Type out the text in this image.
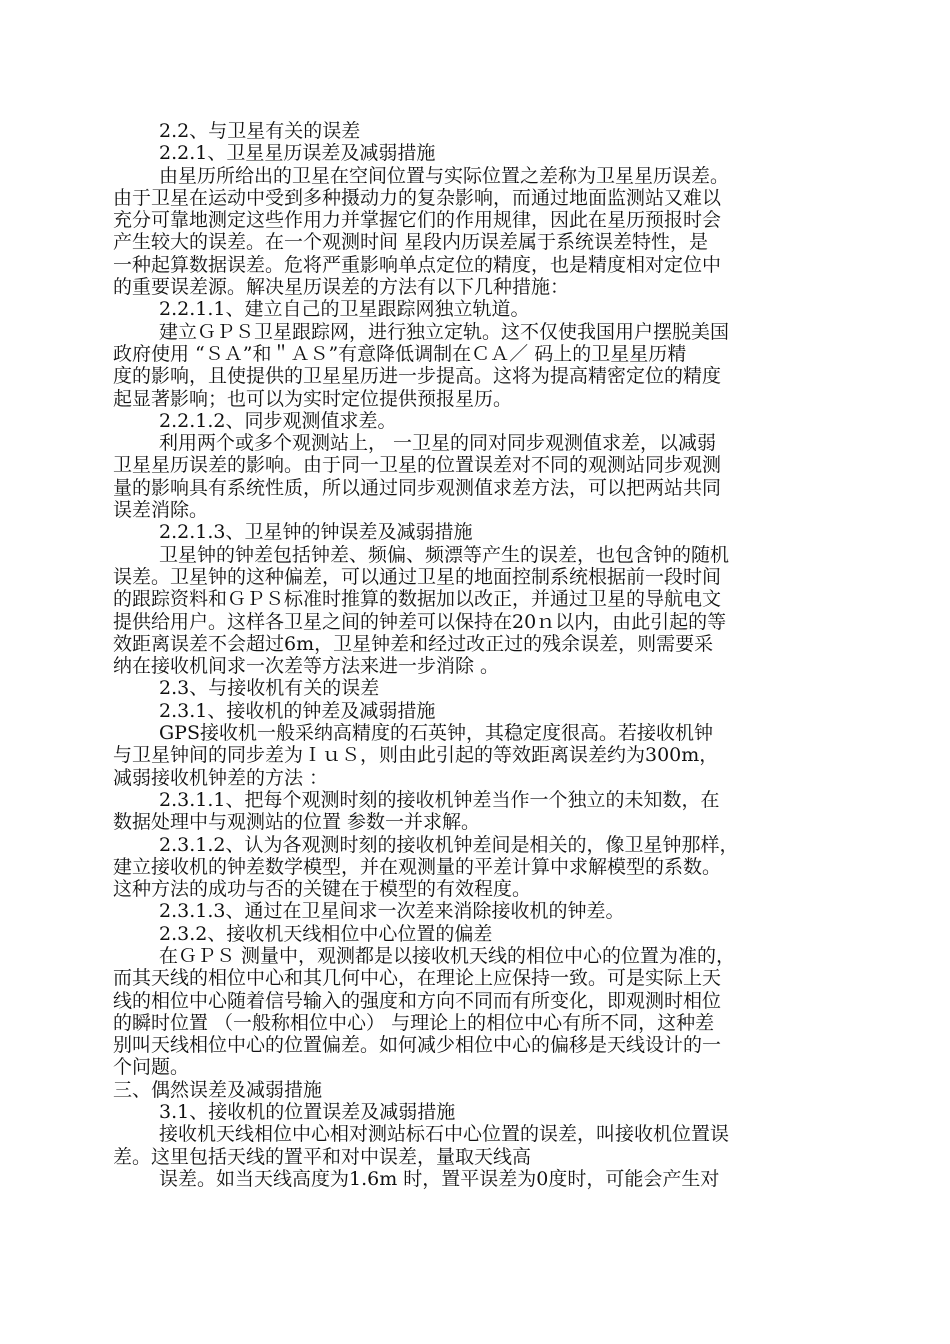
2.2、与卫星有关的误差
2.2.1、卫星星历误差及减弱措施
由星历所给出的卫星在空间位置与实际位置之差称为卫星星历误差。
由于卫星在运动中受到多种摄动力的复杂影响，而通过地面监测站又难以
充分可靠地测定这些作用力并掌握它们的作用规律，因此在星历预报时会
产生较大的误差。在一个观测时间 星段内历误差属于系统误差特性，是
一种起算数据误差。危将严重影响单点定位的精度，也是精度相对定位中
的重要误差源。解决星历误差的方法有以下几种措施：
2.2.1.1、建立自己的卫星跟踪网独立轨道。
建立ＧＰＳ卫星跟踪网，进行独立定轨。这不仅使我国用户摆脱美国
政府使用 “ＳＡ”和＂ＡＳ”有意降低调制在ＣＡ／ 码上的卫星星历精
度的影响，且使提供的卫星星历进一步提高。这将为提高精密定位的精度
起显著影响；也可以为实时定位提供预报星历。
2.2.1.2、同步观测值求差。
利用两个或多个观测站上， 一卫星的同对同步观测值求差，以减弱
卫星星历误差的影响。由于同一卫星的位置误差对不同的观测站同步观测
量的影响具有系统性质，所以通过同步观测值求差方法，可以把两站共同
误差消除。
2.2.1.3、卫星钟的钟误差及减弱措施
卫星钟的钟差包括钟差、频偏、频漂等产生的误差，也包含钟的随机
误差。卫星钟的这种偏差，可以通过卫星的地面控制系统根据前一段时间
的跟踪资料和ＧＰＳ标准时推算的数据加以改正，并通过卫星的导航电文
提供给用户。这样各卫星之间的钟差可以保持在20ｎ以内，由此引起的等
效距离误差不会超过6m，卫星钟差和经过改正过的残余误差，则需要采
纳在接收机间求一次差等方法来进一步消除 。
2.3、与接收机有关的误差
2.3.1、接收机的钟差及减弱措施
GPS接收机一般采纳高精度的石英钟，其稳定度很高。若接收机钟
与卫星钟间的同步差为ＩｕＳ，则由此引起的等效距离误差约为300m，
减弱接收机钟差的方法 ：
2.3.1.1、把每个观测时刻的接收机钟差当作一个独立的未知数，在
数据处理中与观测站的位置 参数一并求解。
2.3.1.2、认为各观测时刻的接收机钟差间是相关的，像卫星钟那样，
建立接收机的钟差数学模型，并在观测量的平差计算中求解模型的系数。
这种方法的成功与否的关键在于模型的有效程度。
2.3.1.3、通过在卫星间求一次差来消除接收机的钟差。
2.3.2、接收机天线相位中心位置的偏差
在ＧＰＳ 测量中，观测都是以接收机天线的相位中心的位置为准的，
而其天线的相位中心和其几何中心，在理论上应保持一致。可是实际上天
线的相位中心随着信号输入的强度和方向不同而有所变化，即观测时相位
的瞬时位置 （一般称相位中心） 与理论上的相位中心有所不同，这种差
别叫天线相位中心的位置偏差。如何减少相位中心的偏移是天线设计的一
个问题。
三、偶然误差及减弱措施
3.1、接收机的位置误差及减弱措施
接收机天线相位中心相对测站标石中心位置的误差，叫接收机位置误
差。这里包括天线的置平和对中误差，量取天线高
误差。如当天线高度为1.6m 时，置平误差为0度时，可能会产生对
